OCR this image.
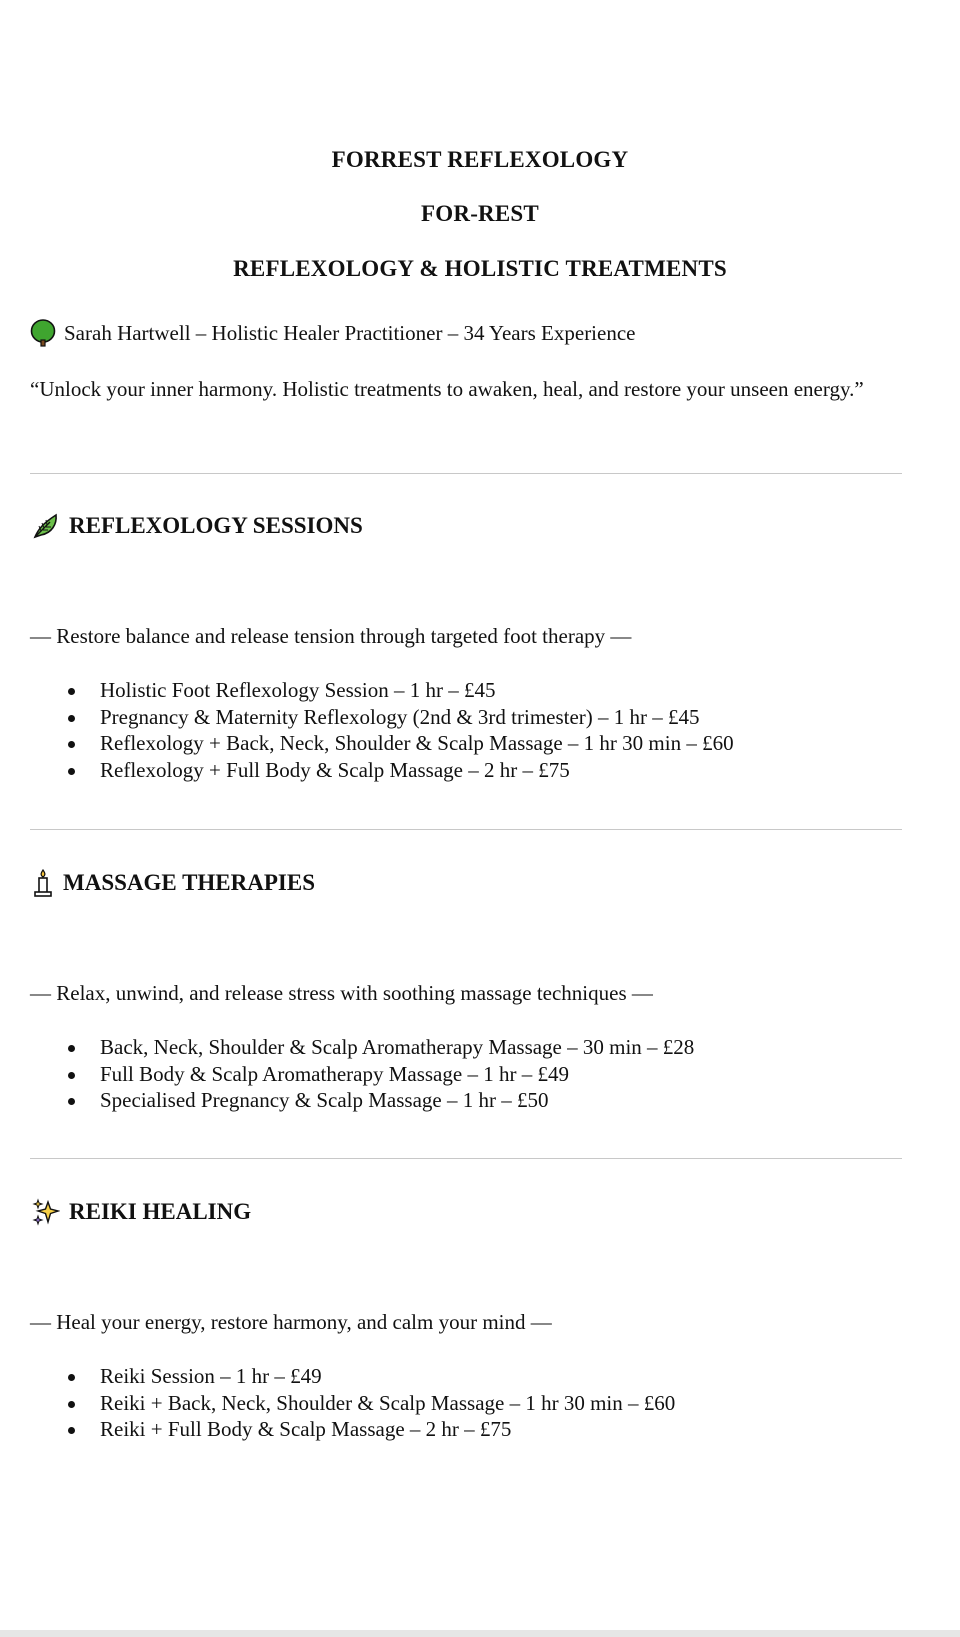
FORREST REFLEXOLOGY
FOR-REST
REFLEXOLOGY & HOLISTIC TREATMENTS
Sarah Hartwell – Holistic Healer Practitioner – 34 Years Experience
“Unlock your inner harmony. Holistic treatments to awaken, heal, and restore your unseen energy.”
REFLEXOLOGY SESSIONS
— Restore balance and release tension through targeted foot therapy —
Holistic Foot Reflexology Session – 1 hr – £45
Pregnancy & Maternity Reflexology (2nd & 3rd trimester) – 1 hr – £45
Reflexology + Back, Neck, Shoulder & Scalp Massage – 1 hr 30 min – £60
Reflexology + Full Body & Scalp Massage – 2 hr – £75
MASSAGE THERAPIES
— Relax, unwind, and release stress with soothing massage techniques —
Back, Neck, Shoulder & Scalp Aromatherapy Massage – 30 min – £28
Full Body & Scalp Aromatherapy Massage – 1 hr – £49
Specialised Pregnancy & Scalp Massage – 1 hr – £50
REIKI HEALING
— Heal your energy, restore harmony, and calm your mind —
Reiki Session – 1 hr – £49
Reiki + Back, Neck, Shoulder & Scalp Massage – 1 hr 30 min – £60
Reiki + Full Body & Scalp Massage – 2 hr – £75
